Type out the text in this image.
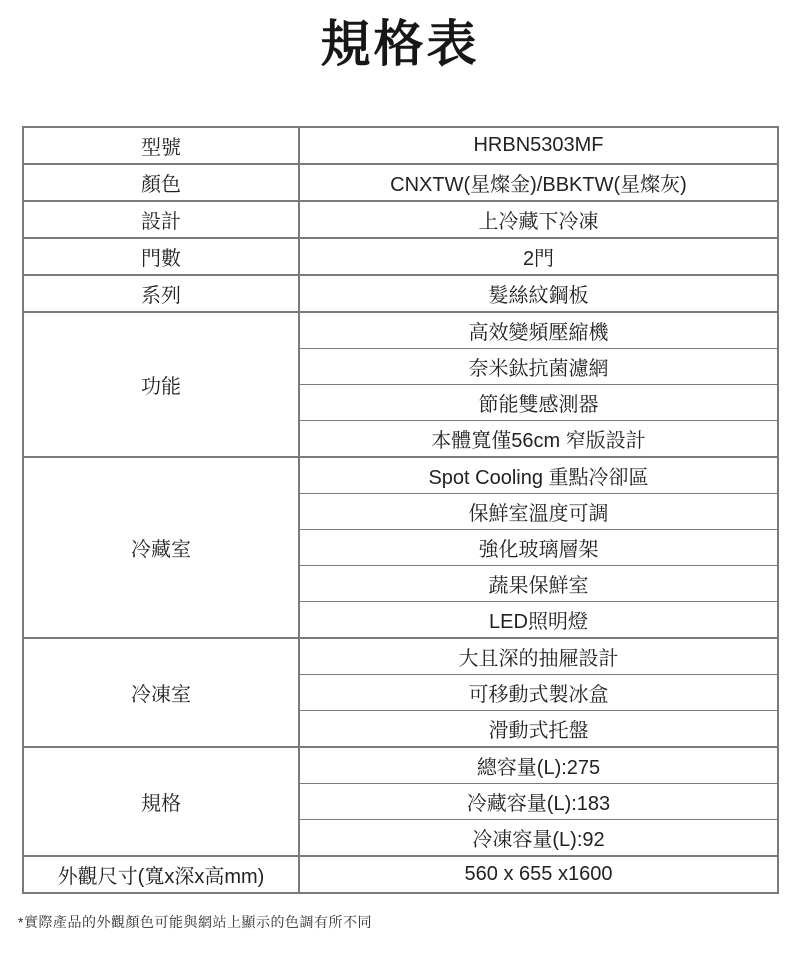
規格表
型號	HRBN5303MF
顏色	CNXTW(星燦金)/BBKTW(星燦灰)
設計	上冷藏下冷凍
門數	2門
系列	髮絲紋鋼板
功能	高效變頻壓縮機
	奈米鈦抗菌濾網
	節能雙感測器
	本體寬僅56cm 窄版設計
冷藏室	Spot Cooling 重點冷卻區
	保鮮室溫度可調
	強化玻璃層架
	蔬果保鮮室
	LED照明燈
冷凍室	大且深的抽屜設計
	可移動式製冰盒
	滑動式托盤
規格	總容量(L):275
	冷藏容量(L):183
	冷凍容量(L):92
外觀尺寸(寬x深x高mm)	560 x 655 x1600
*實際產品的外觀顏色可能與網站上顯示的色調有所不同
